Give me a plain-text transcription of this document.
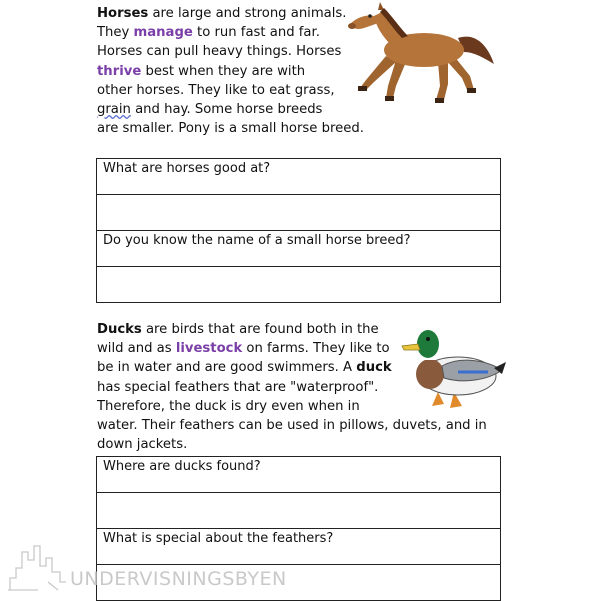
Horses are large and strong animals.
They manage to run fast and far.
Horses can pull heavy things. Horses
thrive best when they are with
other horses. They like to eat grass,
grain and hay. Some horse breeds
are smaller. Pony is a small horse breed.

What are horses good at?

Do you know the name of a small horse breed?

Ducks are birds that are found both in the
wild and as livestock on farms. They like to
be in water and are good swimmers. A duck
has special feathers that are "waterproof".
Therefore, the duck is dry even when in
water. Their feathers can be used in pillows, duvets, and in
down jackets.

Where are ducks found?

What is special about the feathers?

UNDERVISNINGSBYEN
